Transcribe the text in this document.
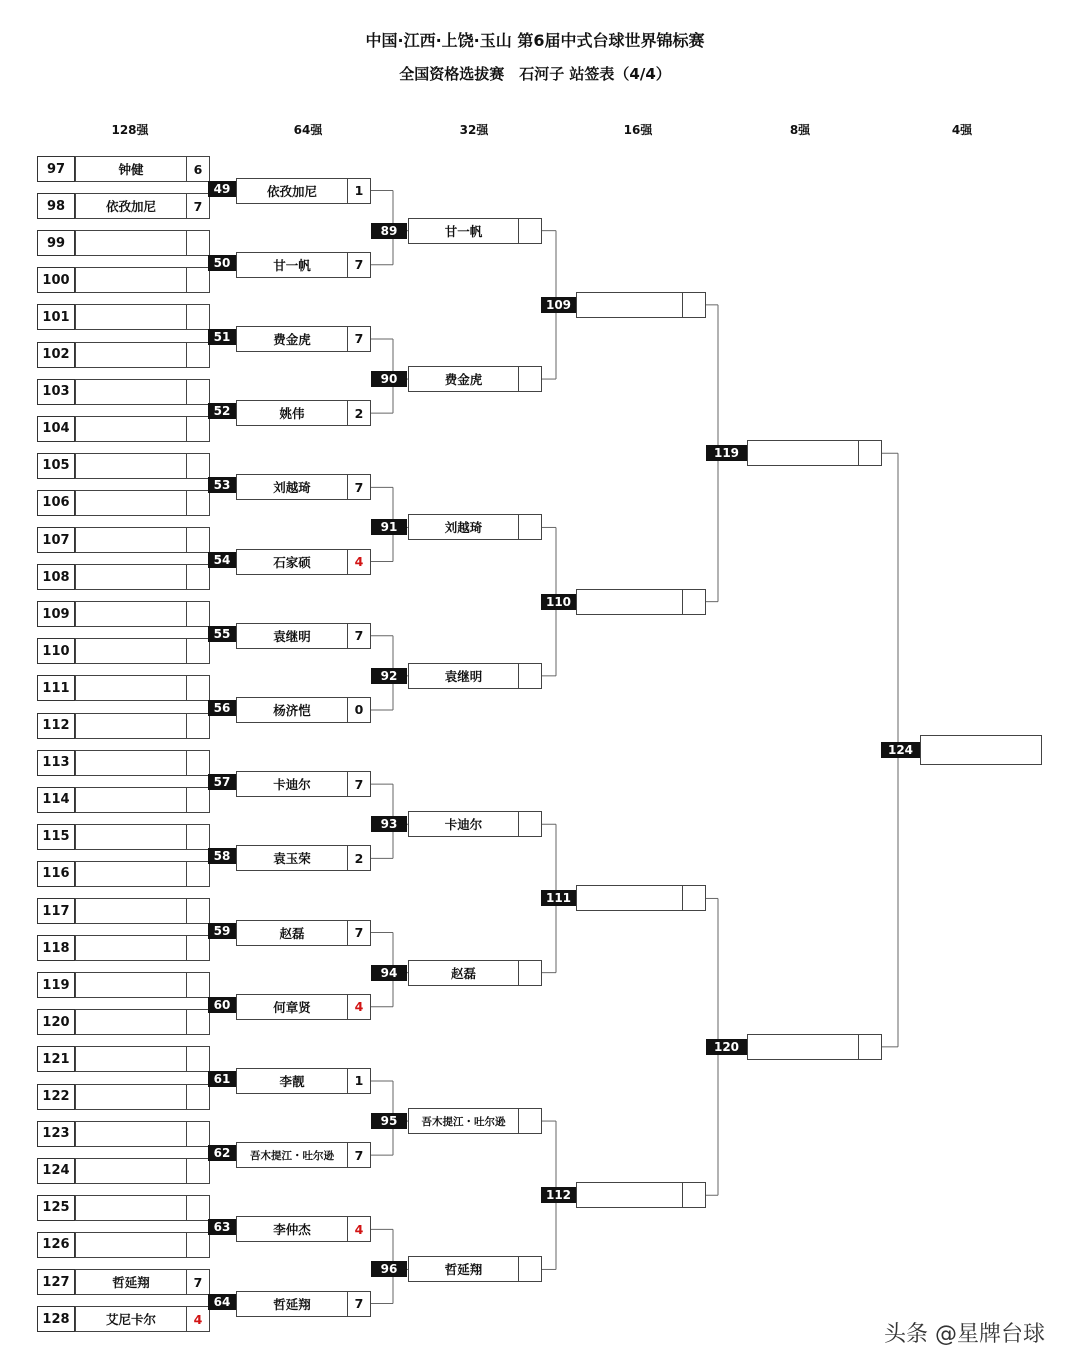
中国·江西·上饶·玉山 第6届中式台球世界锦标赛
全国资格选拔赛　石河子 站签表（4/4）
128强	64强	32强	16强	8强	4强
97	钟健	6
98	依孜加尼	7
99
100
101
102
103
104
105
106
107
108
109
110
111
112
113
114
115
116
117
118
119
120
121
122
123
124
125
126
127	哲延翔	7
128	艾尼卡尔	4
依孜加尼	1
49
甘一帆	7
50
费金虎	7
51
姚伟	2
52
刘越琦	7
53
石家硕	4
54
袁继明	7
55
杨济恺	0
56
卡迪尔	7
57
袁玉荣	2
58
赵磊	7
59
何章贤	4
60
李靓	1
61
吾木提江・吐尔逊	7
62
李仲杰	4
63
哲延翔	7
64
甘一帆
89
费金虎
90
刘越琦
91
袁继明
92
卡迪尔
93
赵磊
94
吾木提江・吐尔逊
95
哲延翔
96
109
110
111
112
119
120
124
头条 @星牌台球
